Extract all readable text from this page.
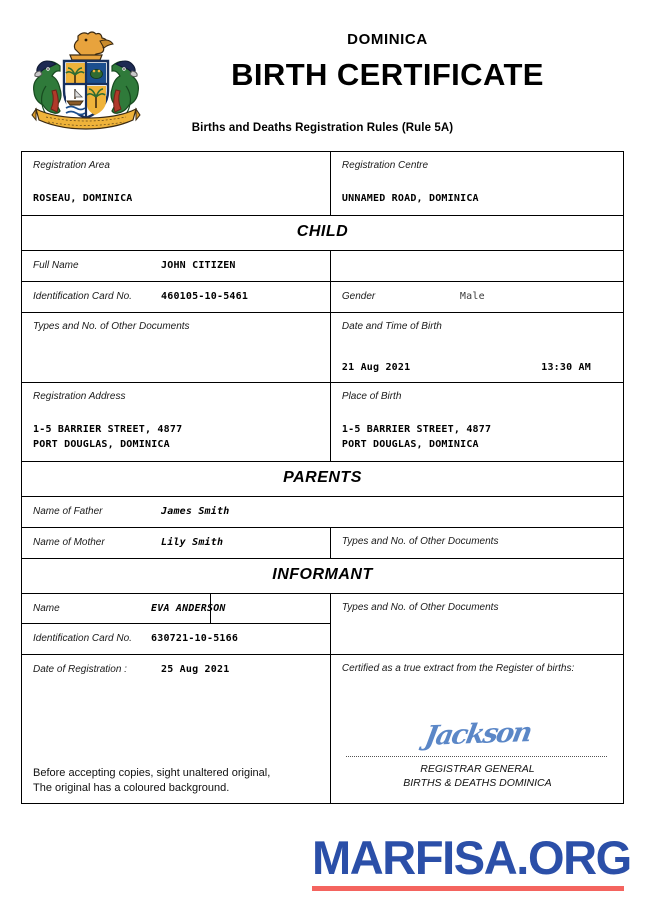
DOMINICA
BIRTH CERTIFICATE
Births and Deaths Registration Rules (Rule 5A)
Registration Area
ROSEAU, DOMINICA
Registration Centre
UNNAMED ROAD, DOMINICA
CHILD
Full Name	JOHN CITIZEN
Identification Card No.	460105-10-5461	Gender	Male
Types and No. of Other Documents	Date and Time of Birth
21 Aug 2021	13:30 AM
Registration Address
1-5 BARRIER STREET, 4877
PORT DOUGLAS, DOMINICA
Place of Birth
1-5 BARRIER STREET, 4877
PORT DOUGLAS, DOMINICA
PARENTS
Name of Father	James Smith
Name of Mother	Lily Smith	Types and No. of Other Documents
INFORMANT
Name	EVA ANDERSON
Identification Card No.	630721-10-5166
Types and No. of Other Documents
Date of Registration :	25 Aug 2021
Before accepting copies, sight unaltered original,
The original has a coloured background.
Certified as a true extract from the Register of births:
Jackson
REGISTRAR GENERAL
BIRTHS & DEATHS DOMINICA
MARFISA.ORG
